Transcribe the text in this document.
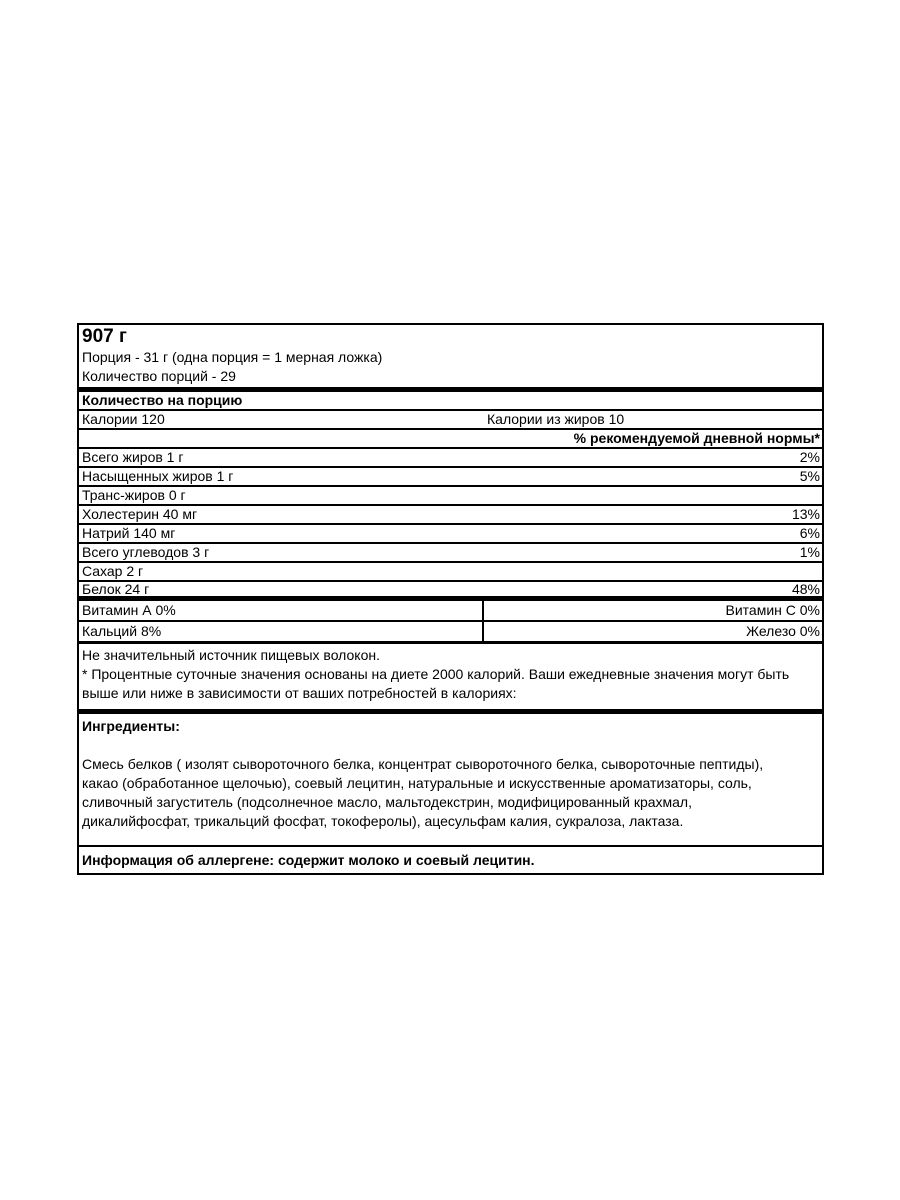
907 г
Порция - 31 г (одна порция = 1 мерная ложка)
Количество порций - 29
Количество на порцию
Калории 120	Калории из жиров 10
% рекомендуемой дневной нормы*
Всего жиров 1 г	2%
Насыщенных жиров 1 г	5%
Транс-жиров 0 г
Холестерин 40 мг	13%
Натрий 140 мг	6%
Всего углеводов 3 г	1%
Сахар 2 г
Белок 24 г	48%
Витамин А 0%	Витамин С 0%
Кальций 8%	Железо 0%
Не значительный источник пищевых волокон.
* Процентные суточные значения основаны на диете 2000 калорий. Ваши ежедневные значения могут быть выше или ниже в зависимости от ваших потребностей в калориях:
Ингредиенты:
Смесь белков ( изолят сывороточного белка, концентрат сывороточного белка, сывороточные пептиды),
какао (обработанное щелочью), соевый лецитин, натуральные и искусственные ароматизаторы, соль,
сливочный загуститель (подсолнечное масло, мальтодекстрин, модифицированный крахмал,
дикалийфосфат, трикальций фосфат, токоферолы), ацесульфам калия, сукралоза, лактаза.
Информация об аллергене: содержит молоко и соевый лецитин.
